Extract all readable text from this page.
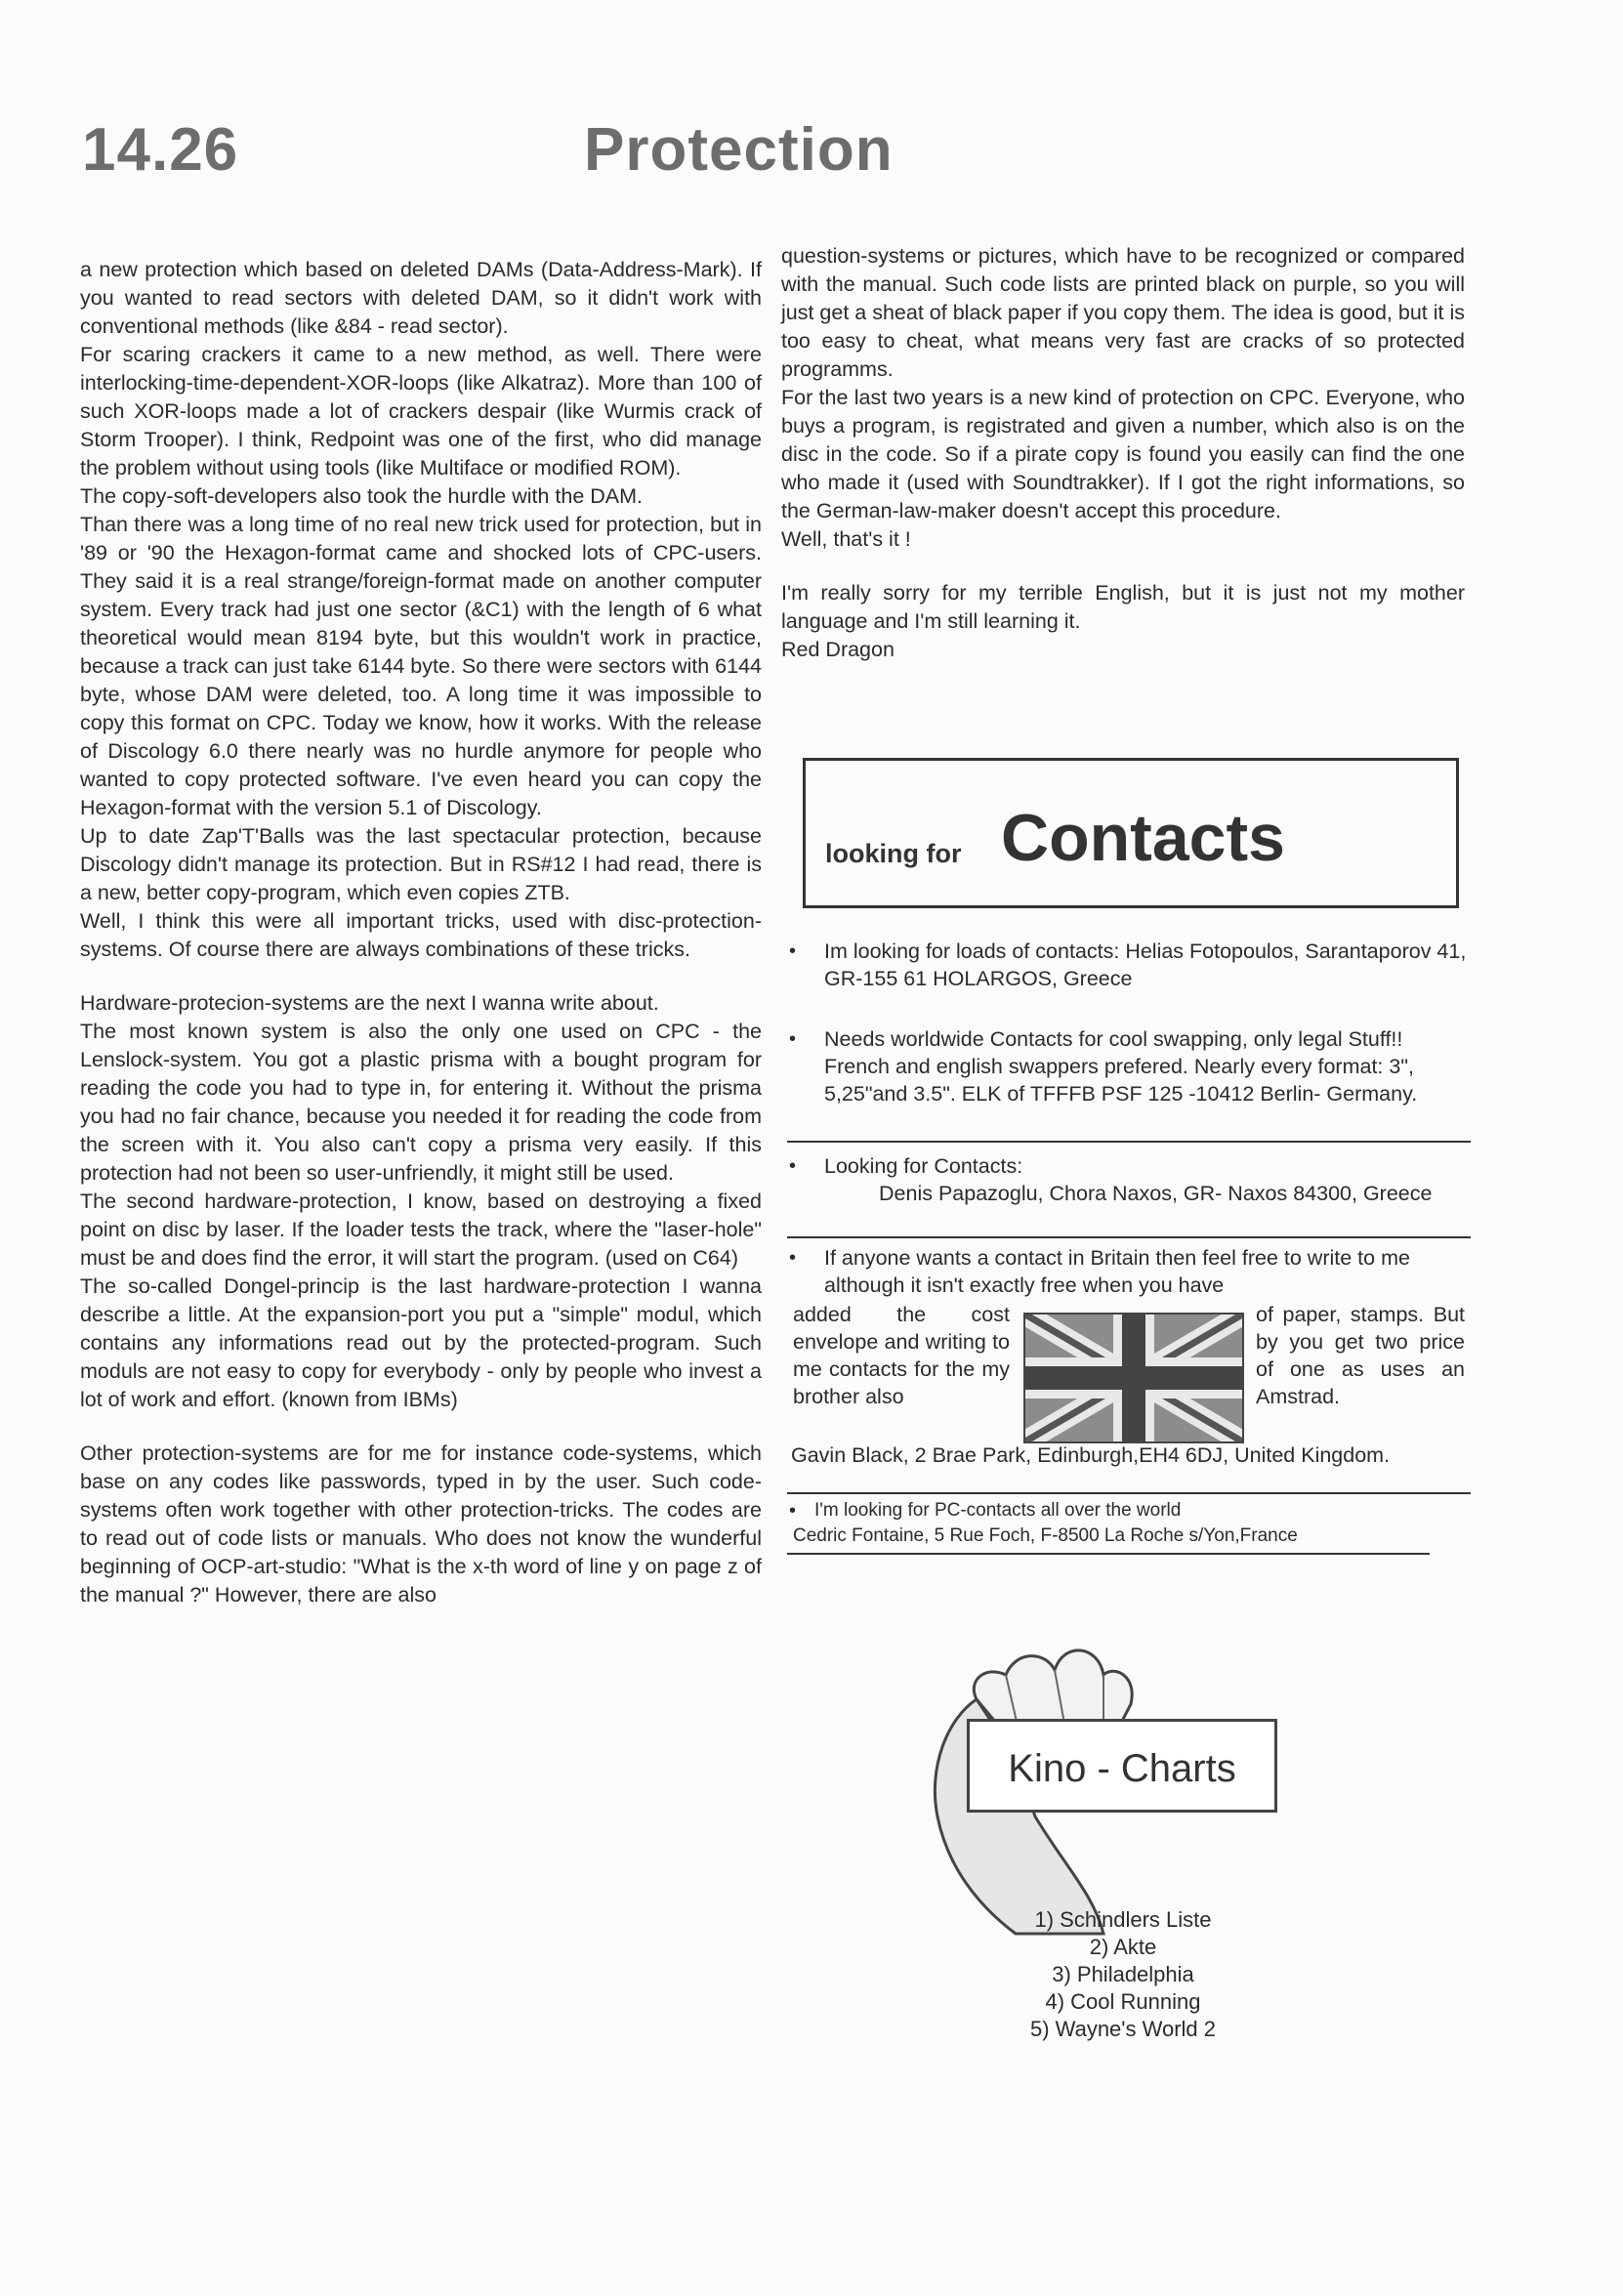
14.26	Protection

a new protection which based on deleted DAMs (Data-Address-Mark). If you wanted to read sectors with deleted DAM, so it didn't work with conventional methods (like &84 - read sector).

For scaring crackers it came to a new method, as well. There were interlocking-time-dependent-XOR-loops (like Alkatraz). More than 100 of such XOR-loops made a lot of crackers despair (like Wurmis crack of Storm Trooper). I think, Redpoint was one of the first, who did manage the problem without using tools (like Multiface or modified ROM).

The copy-soft-developers also took the hurdle with the DAM.

Than there was a long time of no real new trick used for protection, but in '89 or '90 the Hexagon-format came and shocked lots of CPC-users. They said it is a real strange/foreign-format made on another computer system. Every track had just one sector (&C1) with the length of 6 what theoretical would mean 8194 byte, but this wouldn't work in practice, because a track can just take 6144 byte. So there were sectors with 6144 byte, whose DAM were deleted, too. A long time it was impossible to copy this format on CPC. Today we know, how it works. With the release of Discology 6.0 there nearly was no hurdle anymore for people who wanted to copy protected software. I've even heard you can copy the Hexagon-format with the version 5.1 of Discology.

Up to date Zap'T'Balls was the last spectacular protection, because Discology didn't manage its protection. But in RS#12 I had read, there is a new, better copy-program, which even copies ZTB.

Well, I think this were all important tricks, used with disc-protection-systems. Of course there are always combinations of these tricks.

Hardware-protecion-systems are the next I wanna write about.

The most known system is also the only one used on CPC - the Lenslock-system. You got a plastic prisma with a bought program for reading the code you had to type in, for entering it. Without the prisma you had no fair chance, because you needed it for reading the code from the screen with it. You also can't copy a prisma very easily. If this protection had not been so user-unfriendly, it might still be used.

The second hardware-protection, I know, based on destroying a fixed point on disc by laser. If the loader tests the track, where the "laser-hole" must be and does find the error, it will start the program. (used on C64)

The so-called Dongel-princip is the last hardware-protection I wanna describe a little. At the expansion-port you put a "simple" modul, which contains any informations read out by the protected-program. Such moduls are not easy to copy for everybody - only by people who invest a lot of work and effort. (known from IBMs)

Other protection-systems are for me for instance code-systems, which base on any codes like passwords, typed in by the user. Such code-systems often work together with other protection-tricks. The codes are to read out of code lists or manuals. Who does not know the wunderful beginning of OCP-art-studio: "What is the x-th word of line y on page z of the manual ?" However, there are also

question-systems or pictures, which have to be recognized or compared with the manual. Such code lists are printed black on purple, so you will just get a sheat of black paper if you copy them. The idea is good, but it is too easy to cheat, what means very fast are cracks of so protected programms.

For the last two years is a new kind of protection on CPC. Everyone, who buys a program, is registrated and given a number, which also is on the disc in the code. So if a pirate copy is found you easily can find the one who made it (used with Soundtrakker). If I got the right informations, so the German-law-maker doesn't accept this procedure.

Well, that's it !

I'm really sorry for my terrible English, but it is just not my mother language and I'm still learning it.

Red Dragon

looking for Contacts
• Im looking for loads of contacts: Helias Fotopoulos, Sarantaporov 41, GR-155 61 HOLARGOS, Greece
• Needs worldwide Contacts for cool swapping, only legal Stuff!! French and english swappers prefered. Nearly every format: 3", 5,25"and 3.5". ELK of TFFFB PSF 125 -10412 Berlin- Germany.
• Looking for Contacts:
Denis Papazoglu, Chora Naxos, GR- Naxos 84300, Greece
• If anyone wants a contact in Britain then feel free to write to me although it isn't exactly free when you have
added the cost envelope and writing to me contacts for the my brother also
of paper, stamps. But by you get two price of one as uses an Amstrad.
Gavin Black, 2 Brae Park, Edinburgh,EH4 6DJ, United Kingdom.
• I'm looking for PC-contacts all over the world
Cedric Fontaine, 5 Rue Foch, F-8500 La Roche s/Yon,France
Kino - Charts
1) Schindlers Liste
2) Akte
3) Philadelphia
4) Cool Running
5) Wayne's World 2
